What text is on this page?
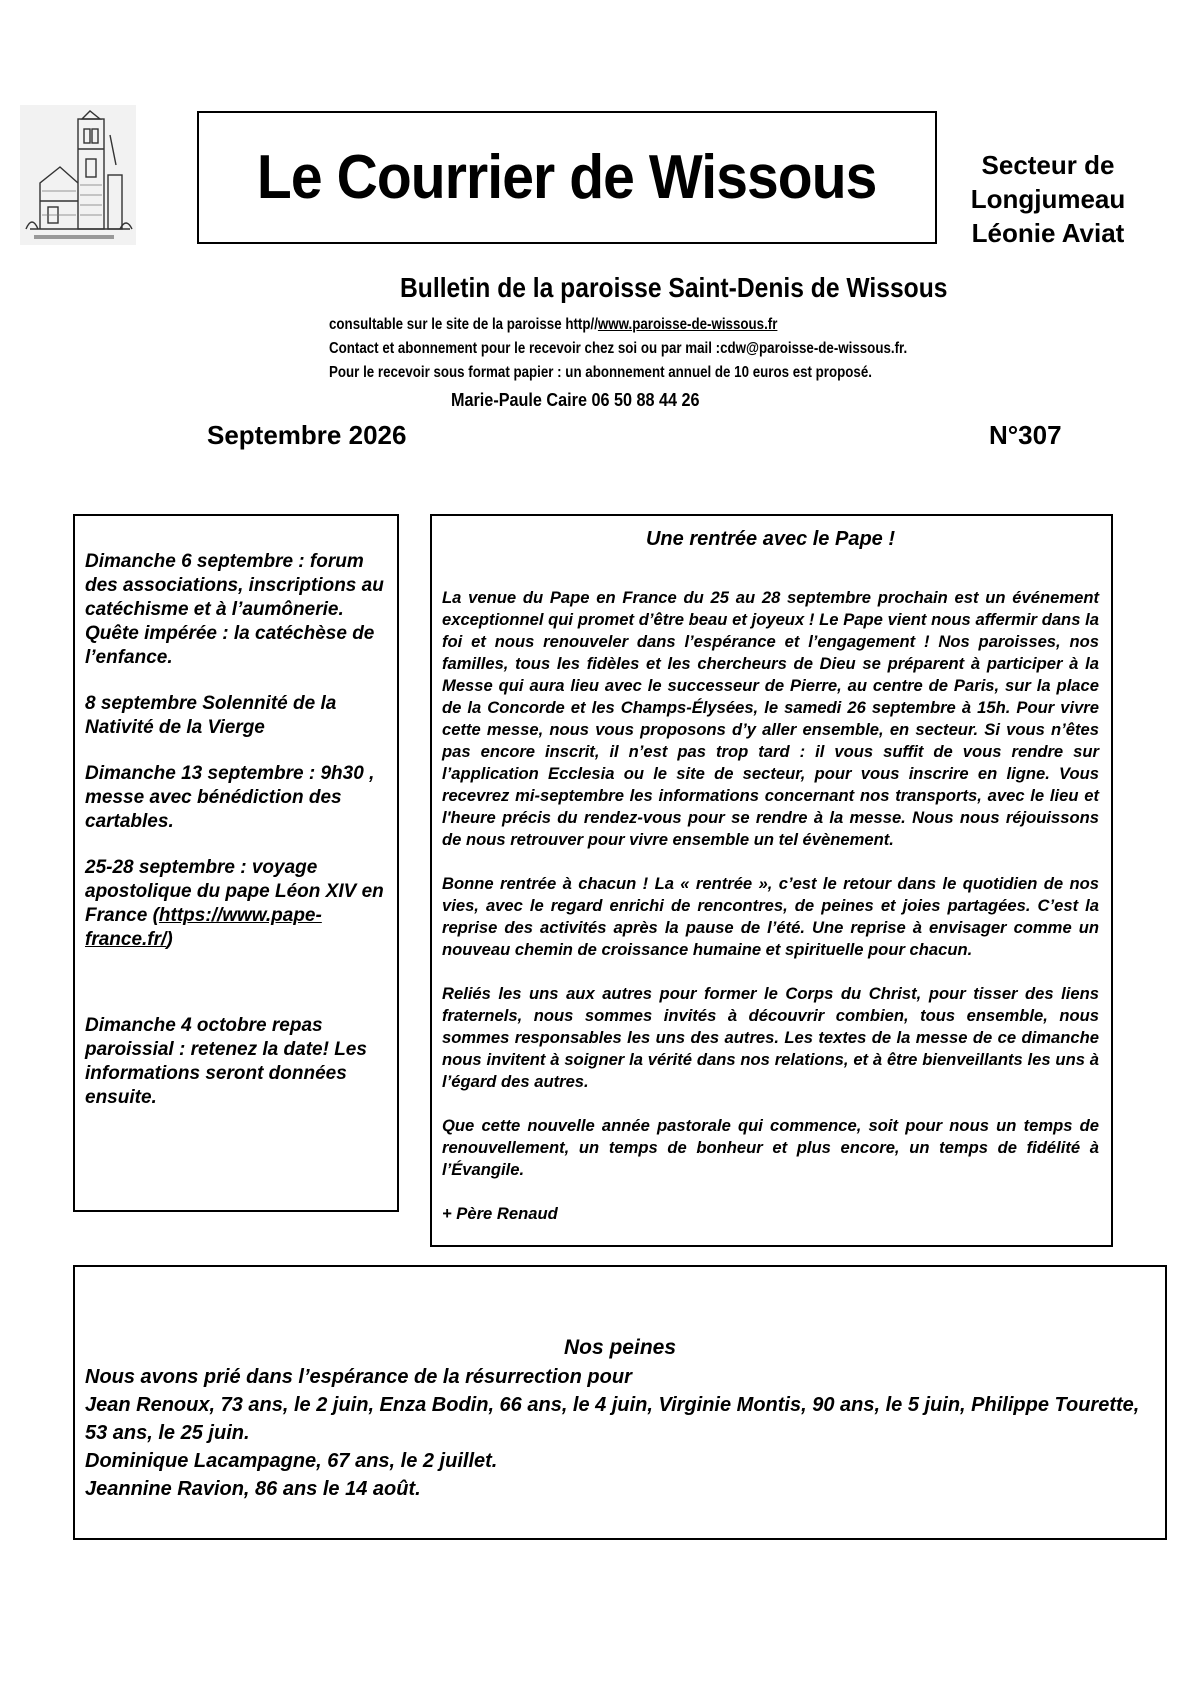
Le Courrier de Wissous	Secteur de
Longjumeau
Léonie Aviat
Bulletin de la paroisse Saint-Denis de Wissous
consultable sur le site de la paroisse http//www.paroisse-de-wissous.fr
Contact et abonnement pour le recevoir chez soi ou par mail :cdw@paroisse-de-wissous.fr.
Pour le recevoir sous format papier : un abonnement annuel de 10 euros est proposé.
Marie-Paule Caire 06 50 88 44 26
Septembre 2026	N°307

Dimanche 6 septembre : forum des associations, inscriptions au catéchisme et à l’aumônerie. Quête impérée : la catéchèse de l’enfance.

8 septembre Solennité de la Nativité de la Vierge

Dimanche 13 septembre : 9h30 , messe avec bénédiction des cartables.

25-28 septembre : voyage apostolique du pape Léon XIV en France (https://www.pape-france.fr/)

Dimanche 4 octobre repas paroissial : retenez la date! Les informations seront données ensuite.

Une rentrée avec le Pape !

La venue du Pape en France du 25 au 28 septembre prochain est un événement exceptionnel qui promet d’être beau et joyeux ! Le Pape vient nous affermir dans la foi et nous renouveler dans l’espérance et l’engagement ! Nos paroisses, nos familles, tous les fidèles et les chercheurs de Dieu se préparent à participer à la Messe qui aura lieu avec le successeur de Pierre, au centre de Paris, sur la place de la Concorde et les Champs-Élysées, le samedi 26 septembre à 15h. Pour vivre cette messe, nous vous proposons d’y aller ensemble, en secteur. Si vous n’êtes pas encore inscrit, il n’est pas trop tard : il vous suffit de vous rendre sur l’application Ecclesia ou le site de secteur, pour vous inscrire en ligne. Vous recevrez mi-septembre les informations concernant nos transports, avec le lieu et l'heure précis du rendez-vous pour se rendre à la messe. Nous nous réjouissons de nous retrouver pour vivre ensemble un tel évènement.

Bonne rentrée à chacun ! La « rentrée », c’est le retour dans le quotidien de nos vies, avec le regard enrichi de rencontres, de peines et joies partagées. C’est la reprise des activités après la pause de l’été. Une reprise à envisager comme un nouveau chemin de croissance humaine et spirituelle pour chacun.

Reliés les uns aux autres pour former le Corps du Christ, pour tisser des liens fraternels, nous sommes invités à découvrir combien, tous ensemble, nous sommes responsables les uns des autres. Les textes de la messe de ce dimanche nous invitent à soigner la vérité dans nos relations, et à être bienveillants les uns à l’égard des autres.

Que cette nouvelle année pastorale qui commence, soit pour nous un temps de renouvellement, un temps de bonheur et plus encore, un temps de fidélité à l’Évangile.

+ Père Renaud

Nos peines

Nous avons prié dans l’espérance de la résurrection pour

Jean Renoux, 73 ans, le 2 juin, Enza Bodin, 66 ans, le 4 juin, Virginie Montis, 90 ans, le 5 juin, Philippe Tourette, 53 ans, le 25 juin.

Dominique Lacampagne, 67 ans, le 2 juillet.

Jeannine Ravion, 86 ans le 14 août.
